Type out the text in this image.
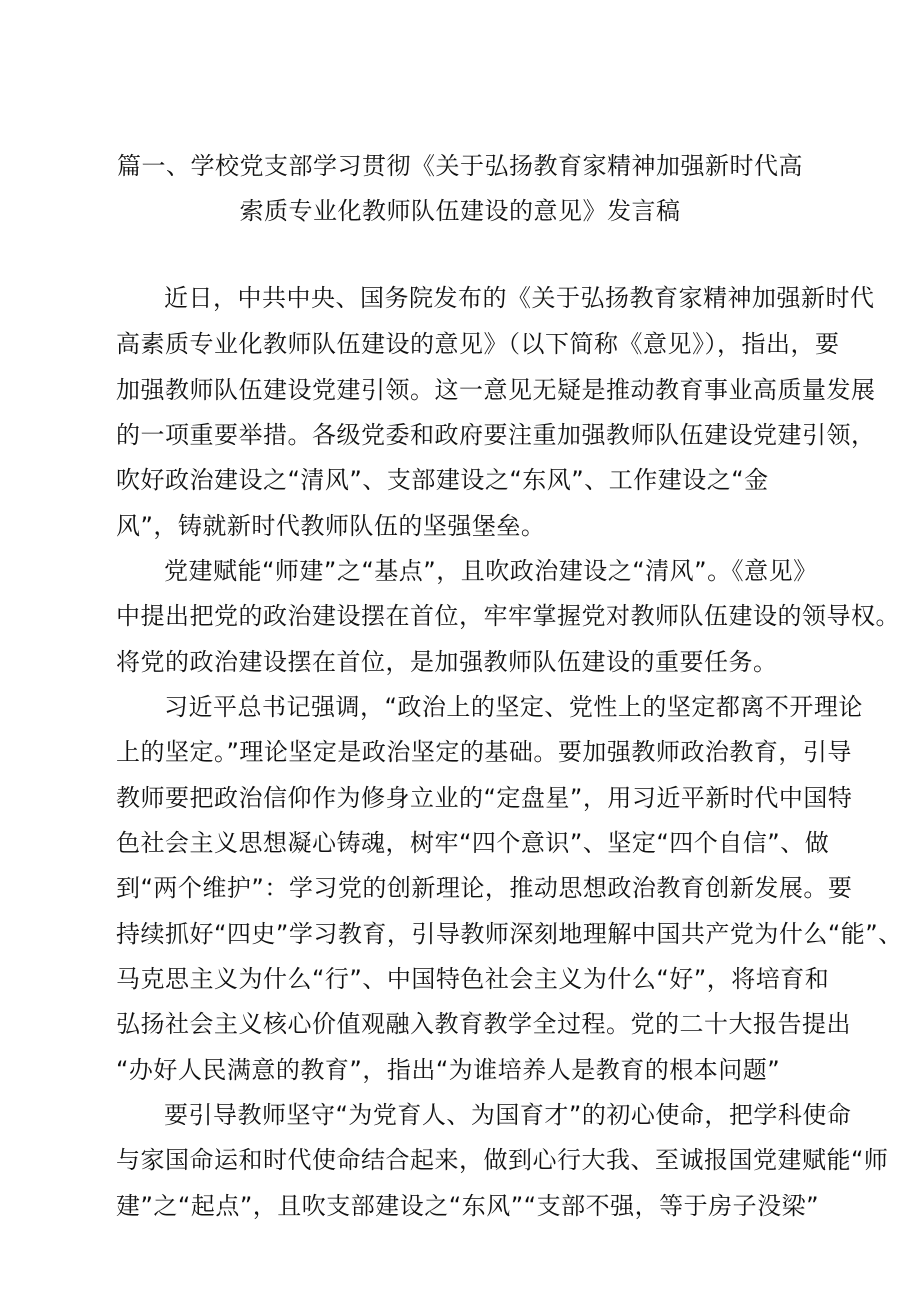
篇一、学校党支部学习贯彻《关于弘扬教育家精神加强新时代高
索质专业化教师队伍建设的意见》发言稿
近日，中共中央、国务院发布的《关于弘扬教育家精神加强新时代
高素质专业化教师队伍建设的意见》（以下简称《意见》），指出，要
加强教师队伍建设党建引领。这一意见无疑是推动教育事业高质量发展
的一项重要举措。各级党委和政府要注重加强教师队伍建设党建引领，
吹好政治建设之“清风”、支部建设之“东风”、工作建设之“金
风”，铸就新时代教师队伍的坚强堡垒。
党建赋能“师建”之“基点”，且吹政治建设之“清风”。《意见》
中提出把党的政治建设摆在首位，牢牢掌握党对教师队伍建设的领导权。
将党的政治建设摆在首位，是加强教师队伍建设的重要任务。
习近平总书记强调，“政治上的坚定、党性上的坚定都离不开理论
上的坚定。”理论坚定是政治坚定的基础。要加强教师政治教育，引导
教师要把政治信仰作为修身立业的“定盘星”，用习近平新时代中国特
色社会主义思想凝心铸魂，树牢“四个意识”、坚定“四个自信”、做
到“两个维护”：学习党的创新理论，推动思想政治教育创新发展。要
持续抓好“四史”学习教育，引导教师深刻地理解中国共产党为什么“能”、
马克思主义为什么“行”、中国特色社会主义为什么“好”，将培育和
弘扬社会主义核心价值观融入教育教学全过程。党的二十大报告提出
“办好人民满意的教育”，指出“为谁培养人是教育的根本问题”
要引导教师坚守“为党育人、为国育才”的初心使命，把学科使命
与家国命运和时代使命结合起来，做到心行大我、至诚报国党建赋能“师
建”之“起点”，且吹支部建设之“东风”“支部不强，等于房子没梁”
